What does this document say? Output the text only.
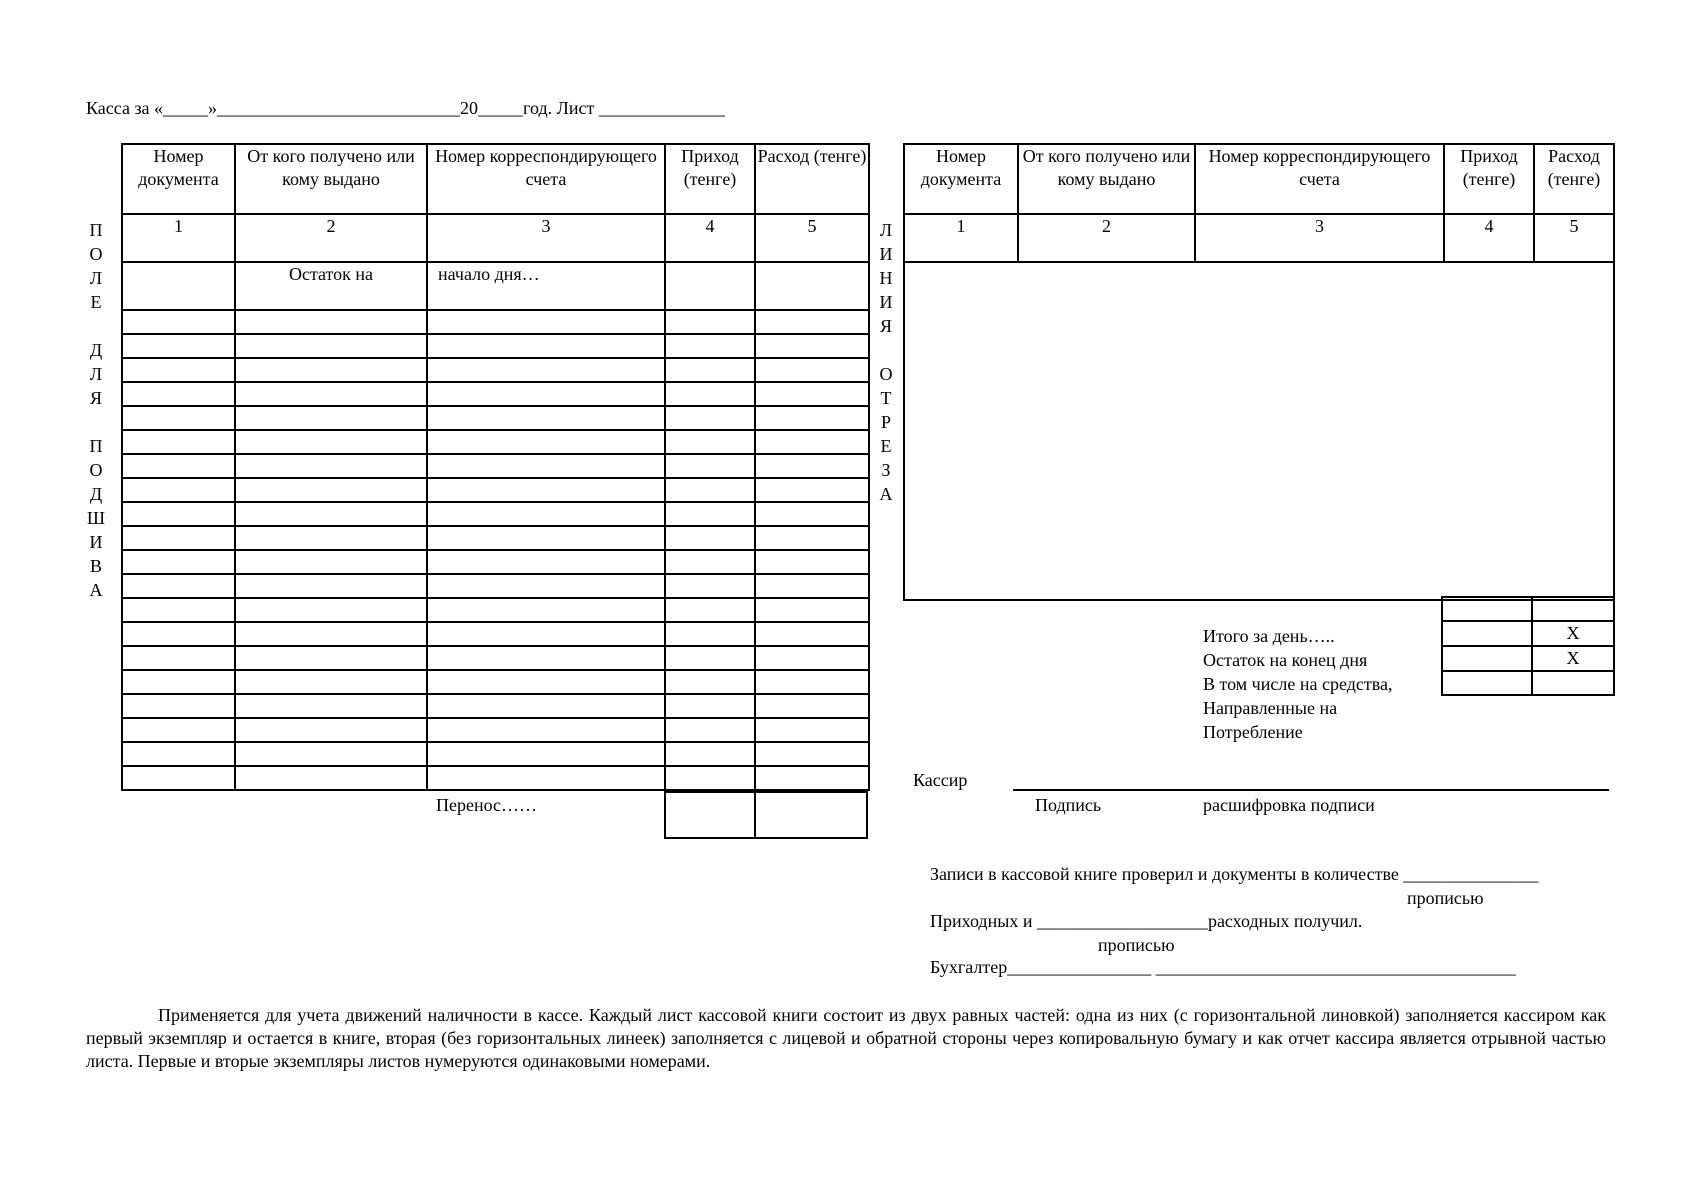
Касса за «_____»___________________________20_____год. Лист ______________
П
О
Л
Е
Д
Л
Я
П
О
Д
Ш
И
В
А
Л
И
Н
И
Я
О
Т
Р
Е
З
А
Номер документа	От кого получено или кому выдано	Номер корреспондирующего счета	Приход (тенге)	Расход (тенге)
1	2	3	4	5
	Остаток на	начало дня…		

Перенос……
Номер документа	От кого получено или кому выдано	Номер корреспондирующего счета	Приход (тенге)	Расход (тенге)
1	2	3	4	5

Итого за день…..
Остаток на конец дня
В том числе на средства,
Направленные на
Потребление

	Х
	Х

Кассир
Подпись	расшифровка подписи
Записи в кассовой книге проверил и документы в количестве _______________
прописью
Приходных и ___________________расходных получил.
прописью
Бухгалтер________________ ________________________________________
Применяется для учета движений наличности в кассе. Каждый лист кассовой книги состоит из двух равных частей: одна из них (с горизонтальной линовкой) заполняется кассиром как первый экземпляр и остается в книге, вторая (без горизонтальных линеек) заполняется с лицевой и обратной стороны через копировальную бумагу и как отчет кассира является отрывной частью листа. Первые и вторые экземпляры листов нумеруются одинаковыми номерами.
